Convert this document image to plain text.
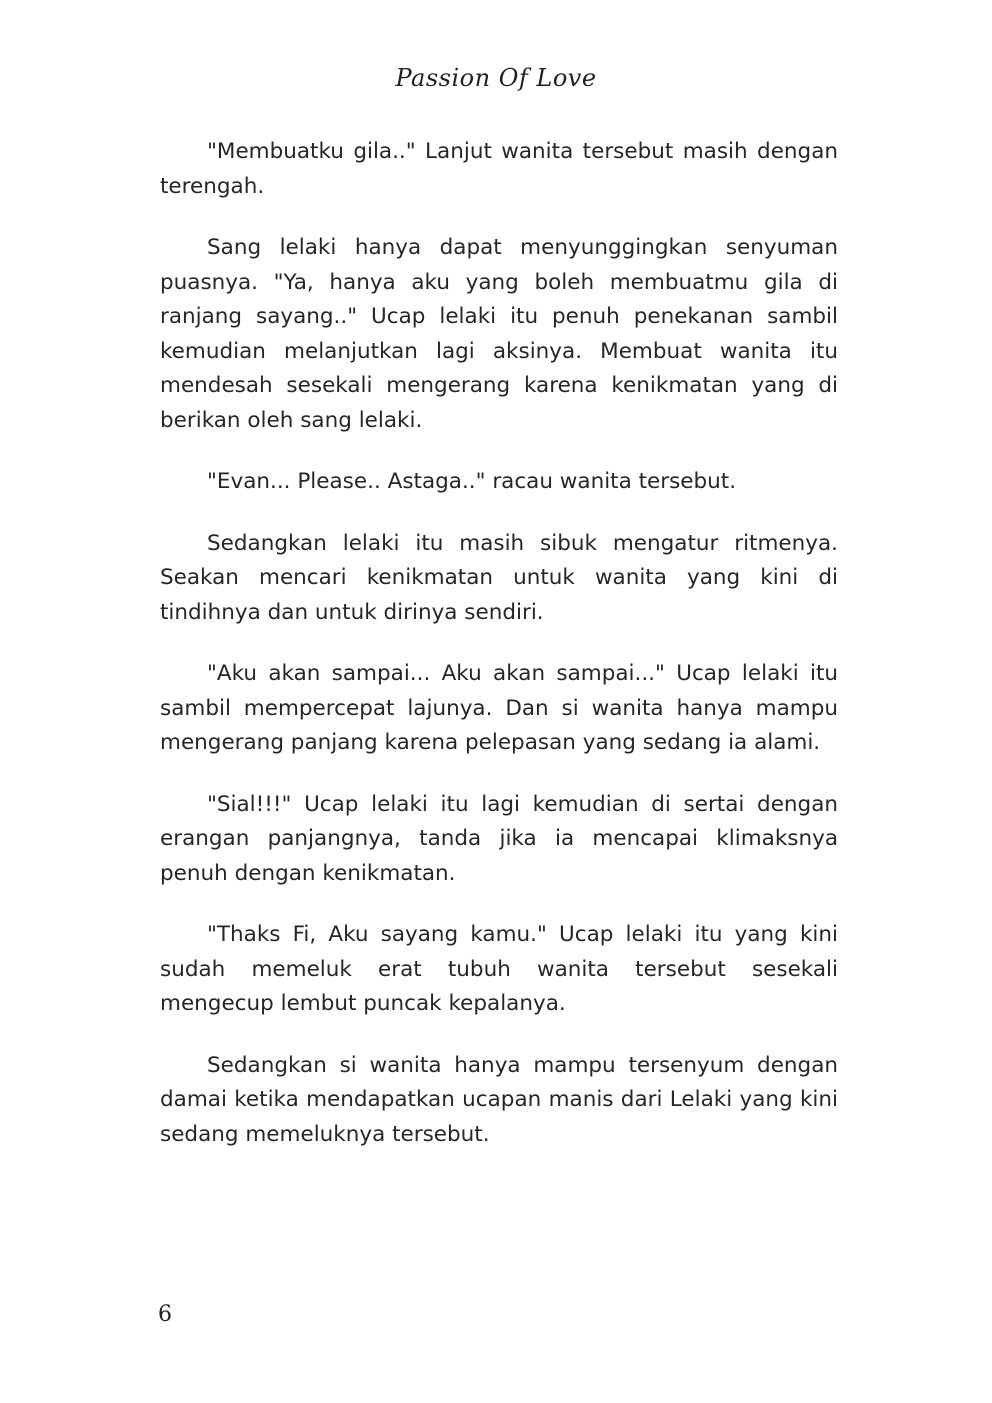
Passion Of Love

"Membuatku gila.." Lanjut wanita tersebut masih dengan terengah.

Sang lelaki hanya dapat menyunggingkan senyuman puasnya. "Ya, hanya aku yang boleh membuatmu gila di ranjang sayang.." Ucap lelaki itu penuh penekanan sambil kemudian melanjutkan lagi aksinya. Membuat wanita itu mendesah sesekali mengerang karena kenikmatan yang di berikan oleh sang lelaki.

"Evan... Please.. Astaga.." racau wanita tersebut.

Sedangkan lelaki itu masih sibuk mengatur ritmenya. Seakan mencari kenikmatan untuk wanita yang kini di tindihnya dan untuk dirinya sendiri.

"Aku akan sampai... Aku akan sampai..." Ucap lelaki itu sambil mempercepat lajunya. Dan si wanita hanya mampu mengerang panjang karena pelepasan yang sedang ia alami.

"Sial!!!" Ucap lelaki itu lagi kemudian di sertai dengan erangan panjangnya, tanda jika ia mencapai klimaksnya penuh dengan kenikmatan.

"Thaks Fi, Aku sayang kamu." Ucap lelaki itu yang kini sudah memeluk erat tubuh wanita tersebut sesekali mengecup lembut puncak kepalanya.

Sedangkan si wanita hanya mampu tersenyum dengan damai ketika mendapatkan ucapan manis dari Lelaki yang kini sedang memeluknya tersebut.

6
